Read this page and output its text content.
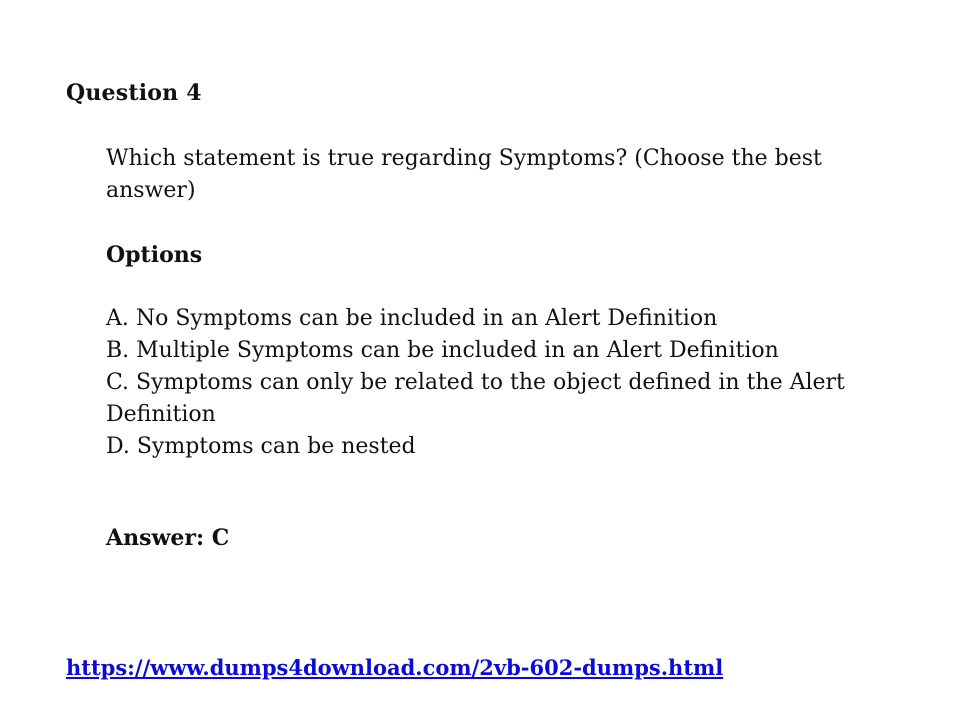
Question 4

Which statement is true regarding Symptoms? (Choose the best answer)

Options
A. No Symptoms can be included in an Alert Definition
B. Multiple Symptoms can be included in an Alert Definition
C. Symptoms can only be related to the object defined in the Alert Definition
D. Symptoms can be nested
Answer: C
https://www.dumps4download.com/2vb-602-dumps.html
